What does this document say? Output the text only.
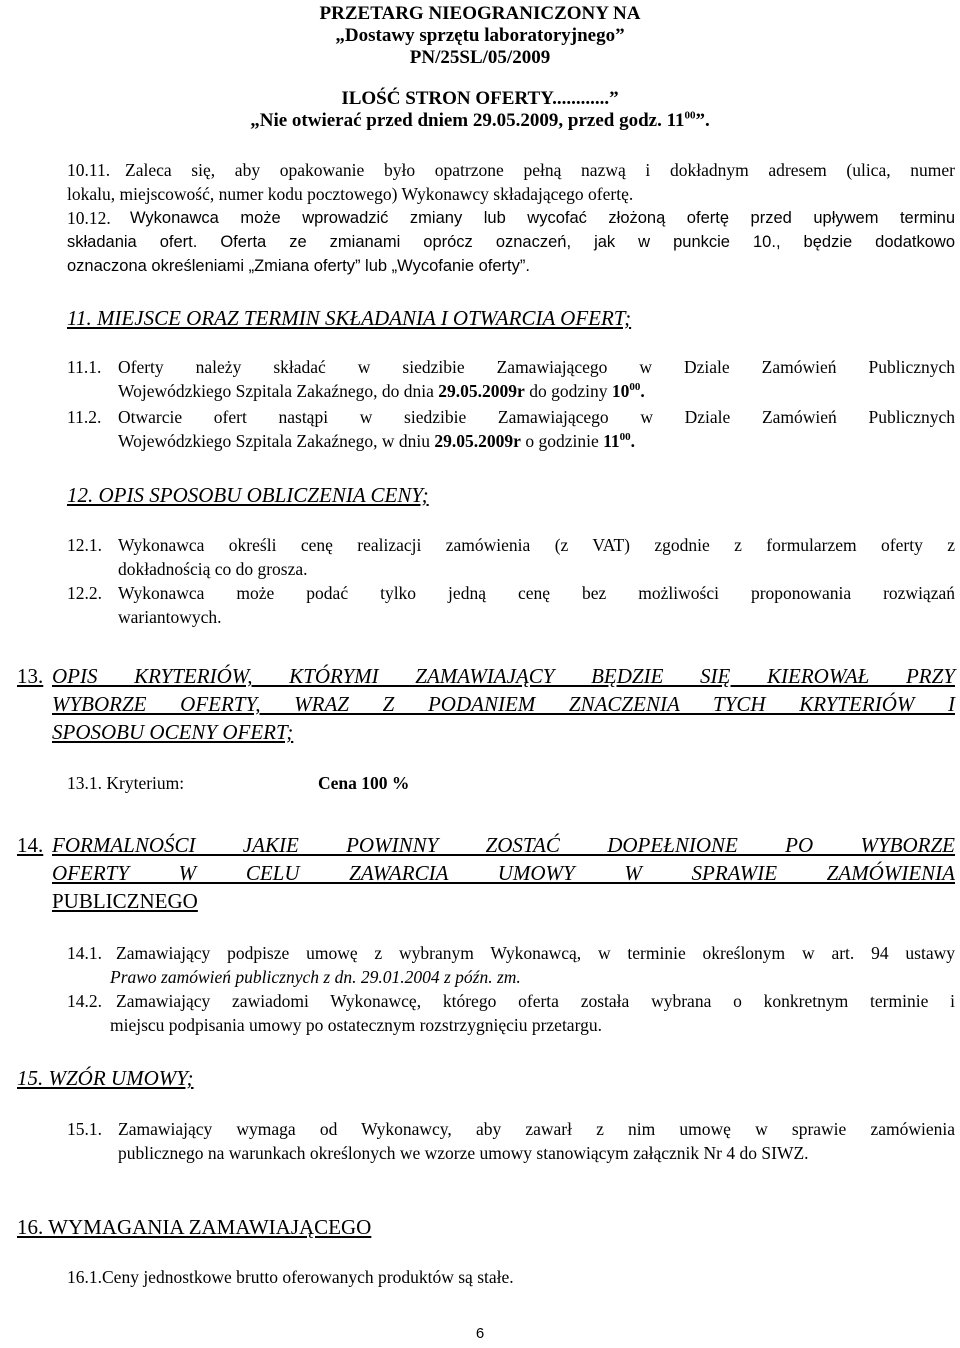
PRZETARG NIEOGRANICZONY NA
„Dostawy sprzętu laboratoryjnego”
PN/25SL/05/2009
ILOŚĆ STRON OFERTY............”
„Nie otwierać przed dniem 29.05.2009, przed godz. $11^{00}$”.
10.11. Zaleca się, aby opakowanie było opatrzone pełną nazwą i dokładnym adresem (ulica, numer
lokalu, miejscowość, numer kodu pocztowego) Wykonawcy składającego ofertę.
10.12. Wykonawca może wprowadzić zmiany lub wycofać złożoną ofertę przed upływem terminu
składania ofert. Oferta ze zmianami oprócz oznaczeń, jak w punkcie 10., będzie dodatkowo
oznaczona określeniami „Zmiana oferty” lub „Wycofanie oferty”.
11. MIEJSCE ORAZ TERMIN SKŁADANIA I OTWARCIA OFERT;
11.1. Oferty należy składać w siedzibie Zamawiającego w Dziale Zamówień Publicznych
Wojewódzkiego Szpitala Zakaźnego, do dnia 29.05.2009r do godziny $10^{00}$.
11.2. Otwarcie ofert nastąpi w siedzibie Zamawiającego w Dziale Zamówień Publicznych
Wojewódzkiego Szpitala Zakaźnego, w dniu 29.05.2009r o godzinie $11^{00}$.
12. OPIS SPOSOBU OBLICZENIA CENY;
12.1. Wykonawca określi cenę realizacji zamówienia (z VAT) zgodnie z formularzem oferty z
dokładnością co do grosza.
12.2. Wykonawca może podać tylko jedną cenę bez możliwości proponowania rozwiązań
wariantowych.
13. OPIS KRYTERIÓW, KTÓRYMI ZAMAWIAJĄCY BĘDZIE SIĘ KIEROWAŁ PRZY
WYBORZE OFERTY, WRAZ Z PODANIEM ZNACZENIA TYCH KRYTERIÓW I
SPOSOBU OCENY OFERT;
13.1. Kryterium:	Cena 100 %
14. FORMALNOŚCI JAKIE POWINNY ZOSTAĆ DOPEŁNIONE PO WYBORZE
OFERTY W CELU ZAWARCIA UMOWY W SPRAWIE ZAMÓWIENIA
PUBLICZNEGO
14.1. Zamawiający podpisze umowę z wybranym Wykonawcą, w terminie określonym w art. 94 ustawy
Prawo zamówień publicznych z dn. 29.01.2004 z późn. zm.
14.2. Zamawiający zawiadomi Wykonawcę, którego oferta została wybrana o konkretnym terminie i
miejscu podpisania umowy po ostatecznym rozstrzygnięciu przetargu.
15. WZÓR UMOWY;
15.1. Zamawiający wymaga od Wykonawcy, aby zawarł z nim umowę w sprawie zamówienia
publicznego na warunkach określonych we wzorze umowy stanowiącym załącznik Nr 4 do SIWZ.
16. WYMAGANIA ZAMAWIAJĄCEGO
16.1.Ceny jednostkowe brutto oferowanych produktów są stałe.
6
